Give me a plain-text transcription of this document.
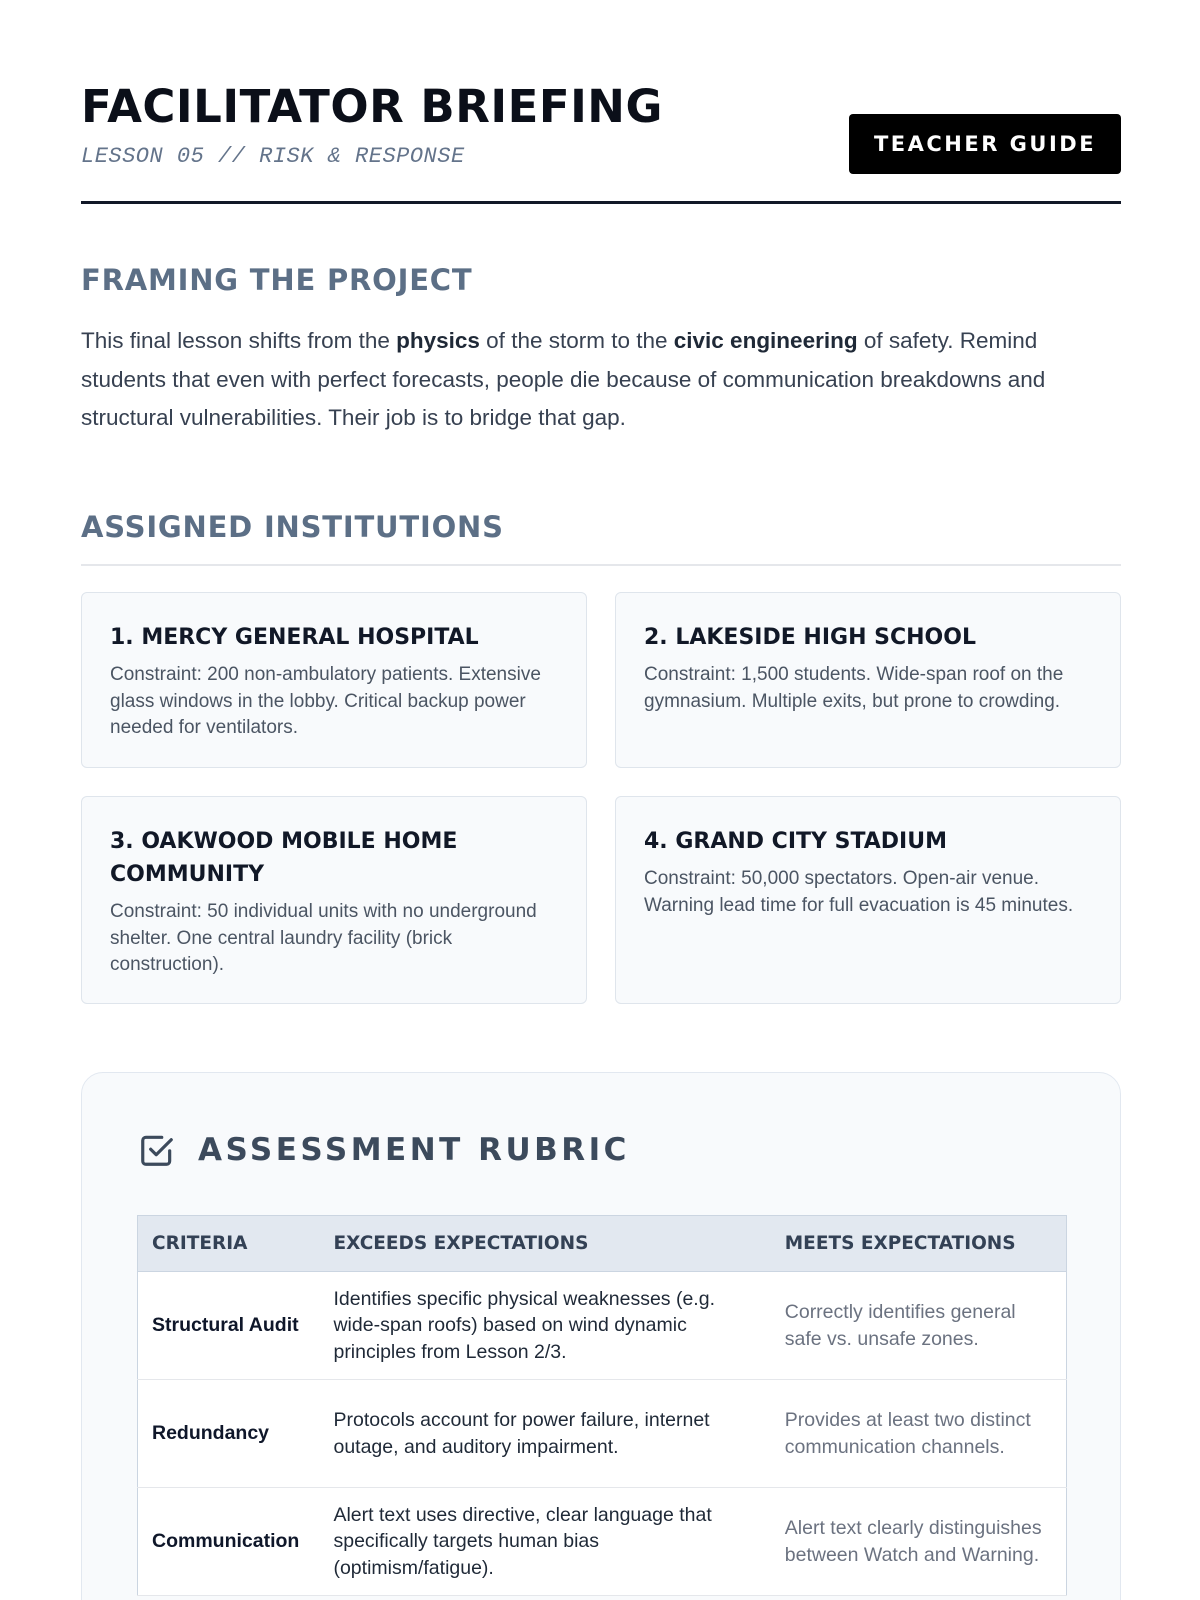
FACILITATOR BRIEFING
LESSON 05 // RISK & RESPONSE	TEACHER GUIDE
FRAMING THE PROJECT

This final lesson shifts from the physics of the storm to the civic engineering of safety. Remind students that even with perfect forecasts, people die because of communication breakdowns and structural vulnerabilities. Their job is to bridge that gap.

ASSIGNED INSTITUTIONS
1. MERCY GENERAL HOSPITAL
Constraint: 200 non-ambulatory patients. Extensive glass windows in the lobby. Critical backup power needed for ventilators.
2. LAKESIDE HIGH SCHOOL
Constraint: 1,500 students. Wide-span roof on the gymnasium. Multiple exits, but prone to crowding.
3. OAKWOOD MOBILE HOME COMMUNITY
Constraint: 50 individual units with no underground shelter. One central laundry facility (brick construction).
4. GRAND CITY STADIUM
Constraint: 50,000 spectators. Open-air venue. Warning lead time for full evacuation is 45 minutes.
ASSESSMENT RUBRIC
CRITERIA	EXCEEDS EXPECTATIONS	MEETS EXPECTATIONS
Structural Audit	Identifies specific physical weaknesses (e.g. wide-span roofs) based on wind dynamic principles from Lesson 2/3.	Correctly identifies general safe vs. unsafe zones.
Redundancy	Protocols account for power failure, internet outage, and auditory impairment.	Provides at least two distinct communication channels.
Communication	Alert text uses directive, clear language that specifically targets human bias (optimism/fatigue).	Alert text clearly distinguishes between Watch and Warning.
